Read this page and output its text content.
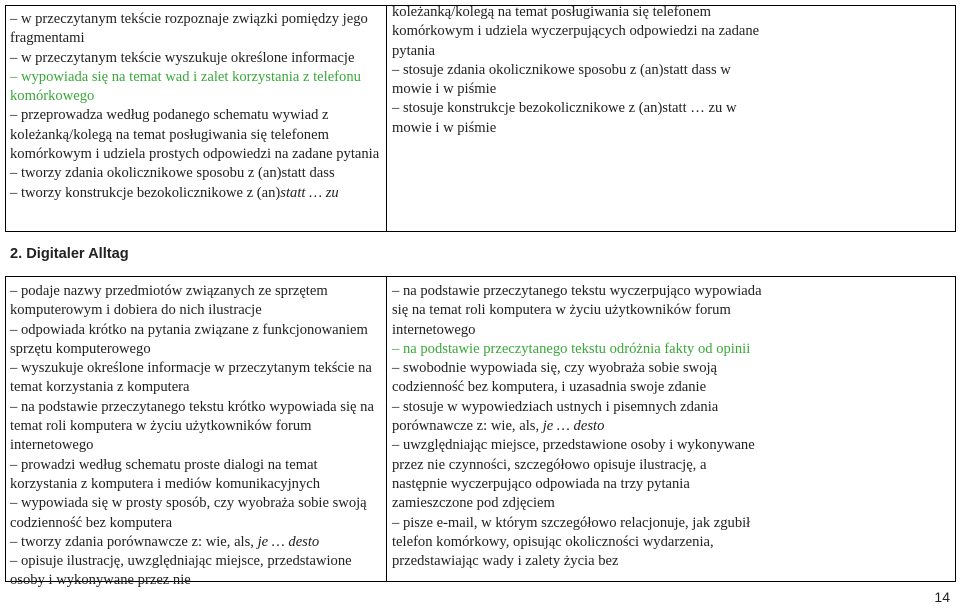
– w przeczytanym tekście rozpoznaje związki pomiędzy jego fragmentami

– w przeczytanym tekście wyszukuje określone informacje

– wypowiada się na temat wad i zalet korzystania z telefonu komórkowego

– przeprowadza według podanego schematu wywiad z koleżanką/kolegą na temat posługiwania się telefonem komórkowym i udziela prostych odpowiedzi na zadane pytania

– tworzy zdania okolicznikowe sposobu z (an)statt dass

– tworzy konstrukcje bezokolicznikowe z (an)statt … zu

koleżanką/kolegą na temat posługiwania się telefonem komórkowym i udziela wyczerpujących odpowiedzi na zadane pytania

– stosuje zdania okolicznikowe sposobu z (an)statt dass w mowie i w piśmie

– stosuje konstrukcje bezokolicznikowe z (an)statt … zu w mowie i w piśmie

2. Digitaler Alltag

– podaje nazwy przedmiotów związanych ze sprzętem komputerowym i dobiera do nich ilustracje

– odpowiada krótko na pytania związane z funkcjonowaniem sprzętu komputerowego

– wyszukuje określone informacje w przeczytanym tekście na temat korzystania z komputera

– na podstawie przeczytanego tekstu krótko wypowiada się na temat roli komputera w życiu użytkowników forum internetowego

– prowadzi według schematu proste dialogi na temat korzystania z komputera i mediów komunikacyjnych

– wypowiada się w prosty sposób, czy wyobraża sobie swoją codzienność bez komputera

– tworzy zdania porównawcze z: wie, als, je … desto

– opisuje ilustrację, uwzględniając miejsce, przedstawione osoby i wykonywane przez nie

– na podstawie przeczytanego tekstu wyczerpująco wypowiada się na temat roli komputera w życiu użytkowników forum internetowego

– na podstawie przeczytanego tekstu odróżnia fakty od opinii

– swobodnie wypowiada się, czy wyobraża sobie swoją codzienność bez komputera, i uzasadnia swoje zdanie

– stosuje w wypowiedziach ustnych i pisemnych zdania porównawcze z: wie, als, je … desto

– uwzględniając miejsce, przedstawione osoby i wykonywane przez nie czynności, szczegółowo opisuje ilustrację, a następnie wyczerpująco odpowiada na trzy pytania zamieszczone pod zdjęciem

– pisze e-mail, w którym szczegółowo relacjonuje, jak zgubił telefon komórkowy, opisując okoliczności wydarzenia, przedstawiając wady i zalety życia bez

14
